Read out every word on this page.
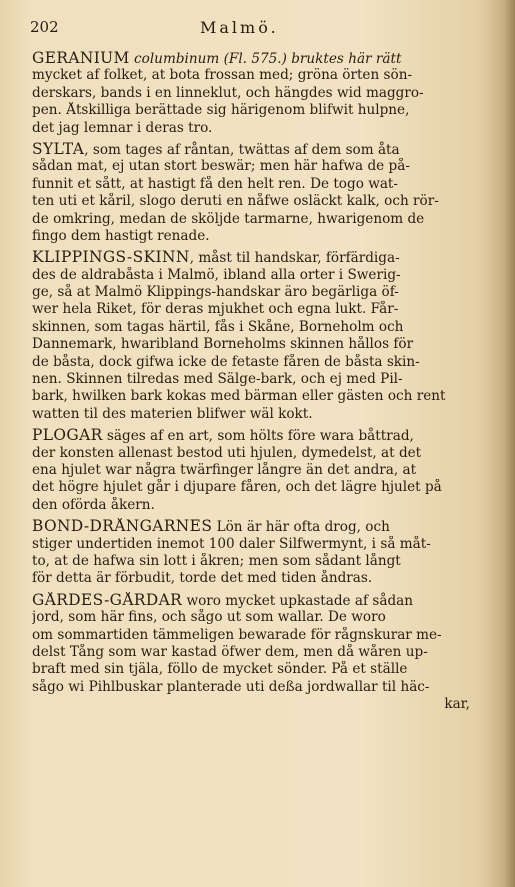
202	Malmö.
GERANIUM columbinum (Fl. 575.) bruktes här rätt
mycket af folket, at bota frossan med; gröna örten sön-
derskars, bands i en linneklut, och hängdes wid maggro-
pen. Åtskilliga berättade sig härigenom blifwit hulpne,
det jag lemnar i deras tro.
SYLTA, som tages af råntan, twättas af dem som åta
sådan mat, ej utan stort beswär; men här hafwa de på-
funnit et sått, at hastigt få den helt ren. De togo wat-
ten uti et kåril, slogo deruti en nåfwe osläckt kalk, och rör-
de omkring, medan de sköljde tarmarne, hwarigenom de
fingo dem hastigt renade.
KLIPPINGS-SKINN, måst til handskar, förfärdiga-
des de aldrabåsta i Malmö, ibland alla orter i Swerig-
ge, så at Malmö Klippings-handskar äro begärliga öf-
wer hela Riket, för deras mjukhet och egna lukt. Får-
skinnen, som tagas härtil, fås i Skåne, Borneholm och
Dannemark, hwaribland Borneholms skinnen hållos för
de båsta, dock gifwa icke de fetaste fåren de båsta skin-
nen. Skinnen tilredas med Sälge-bark, och ej med Pil-
bark, hwilken bark kokas med bärman eller gästen och rent
watten til des materien blifwer wäl kokt.
PLOGAR säges af en art, som hölts före wara båttrad,
der konsten allenast bestod uti hjulen, dymedelst, at det
ena hjulet war några twärfinger långre än det andra, at
det högre hjulet går i djupare fåren, och det lägre hjulet på
den oförda åkern.
BOND-DRÅNGARNES Lön är här ofta drog, och
stiger undertiden inemot 100 daler Silfwermynt, i så måt-
to, at de hafwa sin lott i åkren; men som sådant långt
för detta är förbudit, torde det med tiden åndras.
GÅRDES-GÅRDAR woro mycket upkastade af sådan
jord, som här fins, och sågo ut som wallar. De woro
om sommartiden tämmeligen bewarade för rågnskurar me-
delst Tång som war kastad öfwer dem, men då wåren up-
braft med sin tjäla, föllo de mycket sönder. På et ställe
sågo wi Pihlbuskar planterade uti deßa jordwallar til häc-
kar,
